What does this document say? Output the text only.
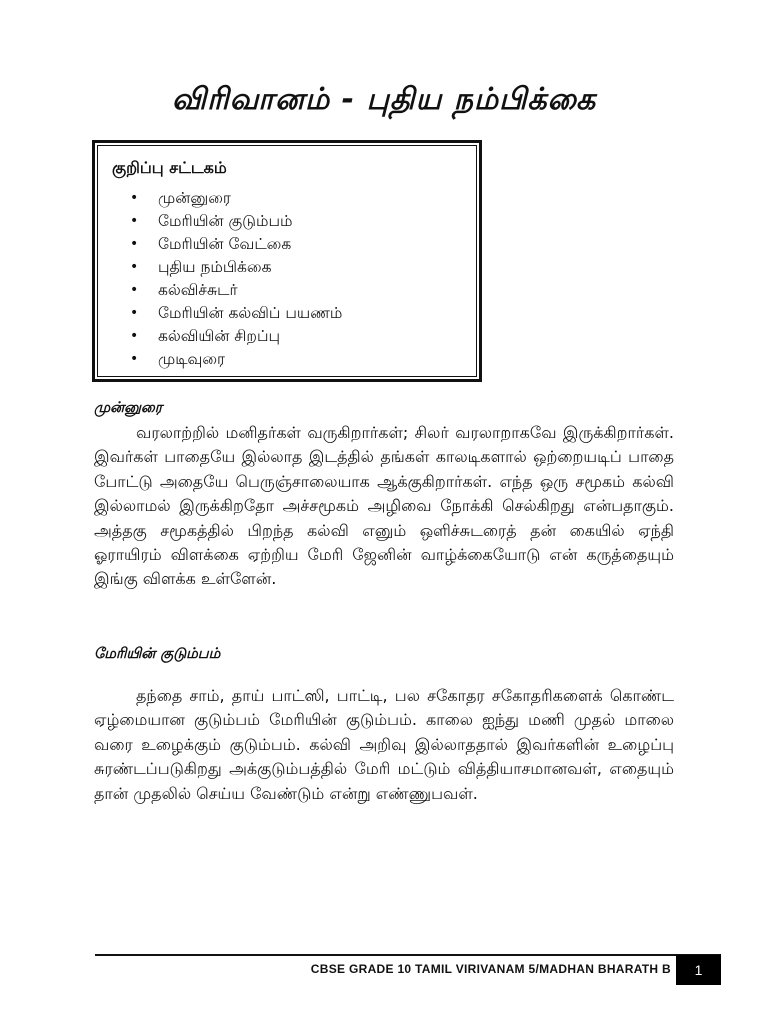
விரிவானம் - புதிய நம்பிக்கை
குறிப்பு சட்டகம்
• முன்னுரை
• மேரியின் குடும்பம்
• மேரியின் வேட்கை
• புதிய நம்பிக்கை
• கல்விச்சுடர்
• மேரியின் கல்விப் பயணம்
• கல்வியின் சிறப்பு
• முடிவுரை
முன்னுரை

வரலாற்றில் மனிதர்கள் வருகிறார்கள்; சிலர் வரலாறாகவே இருக்கிறார்கள். இவர்கள் பாதையே இல்லாத இடத்தில் தங்கள் காலடிகளால் ஒற்றையடிப் பாதை போட்டு அதையே பெருஞ்சாலையாக ஆக்குகிறார்கள். எந்த ஒரு சமூகம் கல்வி இல்லாமல் இருக்கிறதோ அச்சமூகம் அழிவை நோக்கி செல்கிறது என்பதாகும். அத்தகு சமூகத்தில் பிறந்த கல்வி எனும் ஒளிச்சுடரைத் தன் கையில் ஏந்தி ஓராயிரம் விளக்கை ஏற்றிய மேரி ஜேனின் வாழ்க்கையோடு என் கருத்தையும் இங்கு விளக்க உள்ளேன்.

மேரியின் குடும்பம்

தந்தை சாம், தாய் பாட்ஸி, பாட்டி, பல சகோதர சகோதரிகளைக் கொண்ட ஏழ்மையான குடும்பம் மேரியின் குடும்பம். காலை ஐந்து மணி முதல் மாலை வரை உழைக்கும் குடும்பம். கல்வி அறிவு இல்லாததால் இவர்களின் உழைப்பு சுரண்டப்படுகிறது அக்குடும்பத்தில் மேரி மட்டும் வித்தியாசமானவள், எதையும் தான் முதலில் செய்ய வேண்டும் என்று எண்ணுபவள்.

CBSE GRADE 10 TAMIL VIRIVANAM 5/MADHAN BHARATH B	1
